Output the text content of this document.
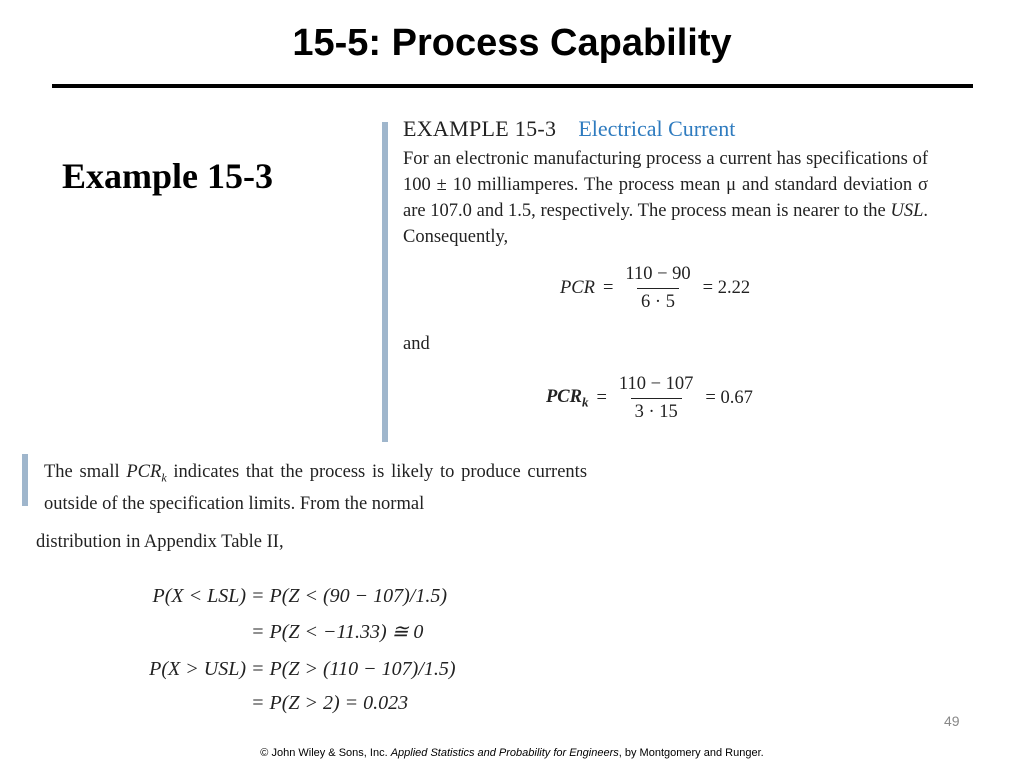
15-5: Process Capability
Example 15-3
EXAMPLE 15-3 Electrical Current
For an electronic manufacturing process a current has specifications of 100 ± 10 milliamperes. The process mean μ and standard deviation σ are 107.0 and 1.5, respectively. The process mean is nearer to the USL. Consequently,
PCR = $\frac{110 - 90}{6 \cdot 5} = 2.22$
and
$PCR_k = \frac{110 - 107}{3 \cdot 15} = 0.67$
The small $PCR_k$ indicates that the process is likely to produce currents outside of the specification limits. From the normal
distribution in Appendix Table II,
P(X < LSL) = P(Z < (90 − 107)/1.5)
= P(Z < −11.33) ≅ 0
P(X > USL) = P(Z > (110 − 107)/1.5)
= P(Z > 2) = 0.023
49
© John Wiley & Sons, Inc. Applied Statistics and Probability for Engineers, by Montgomery and Runger.
